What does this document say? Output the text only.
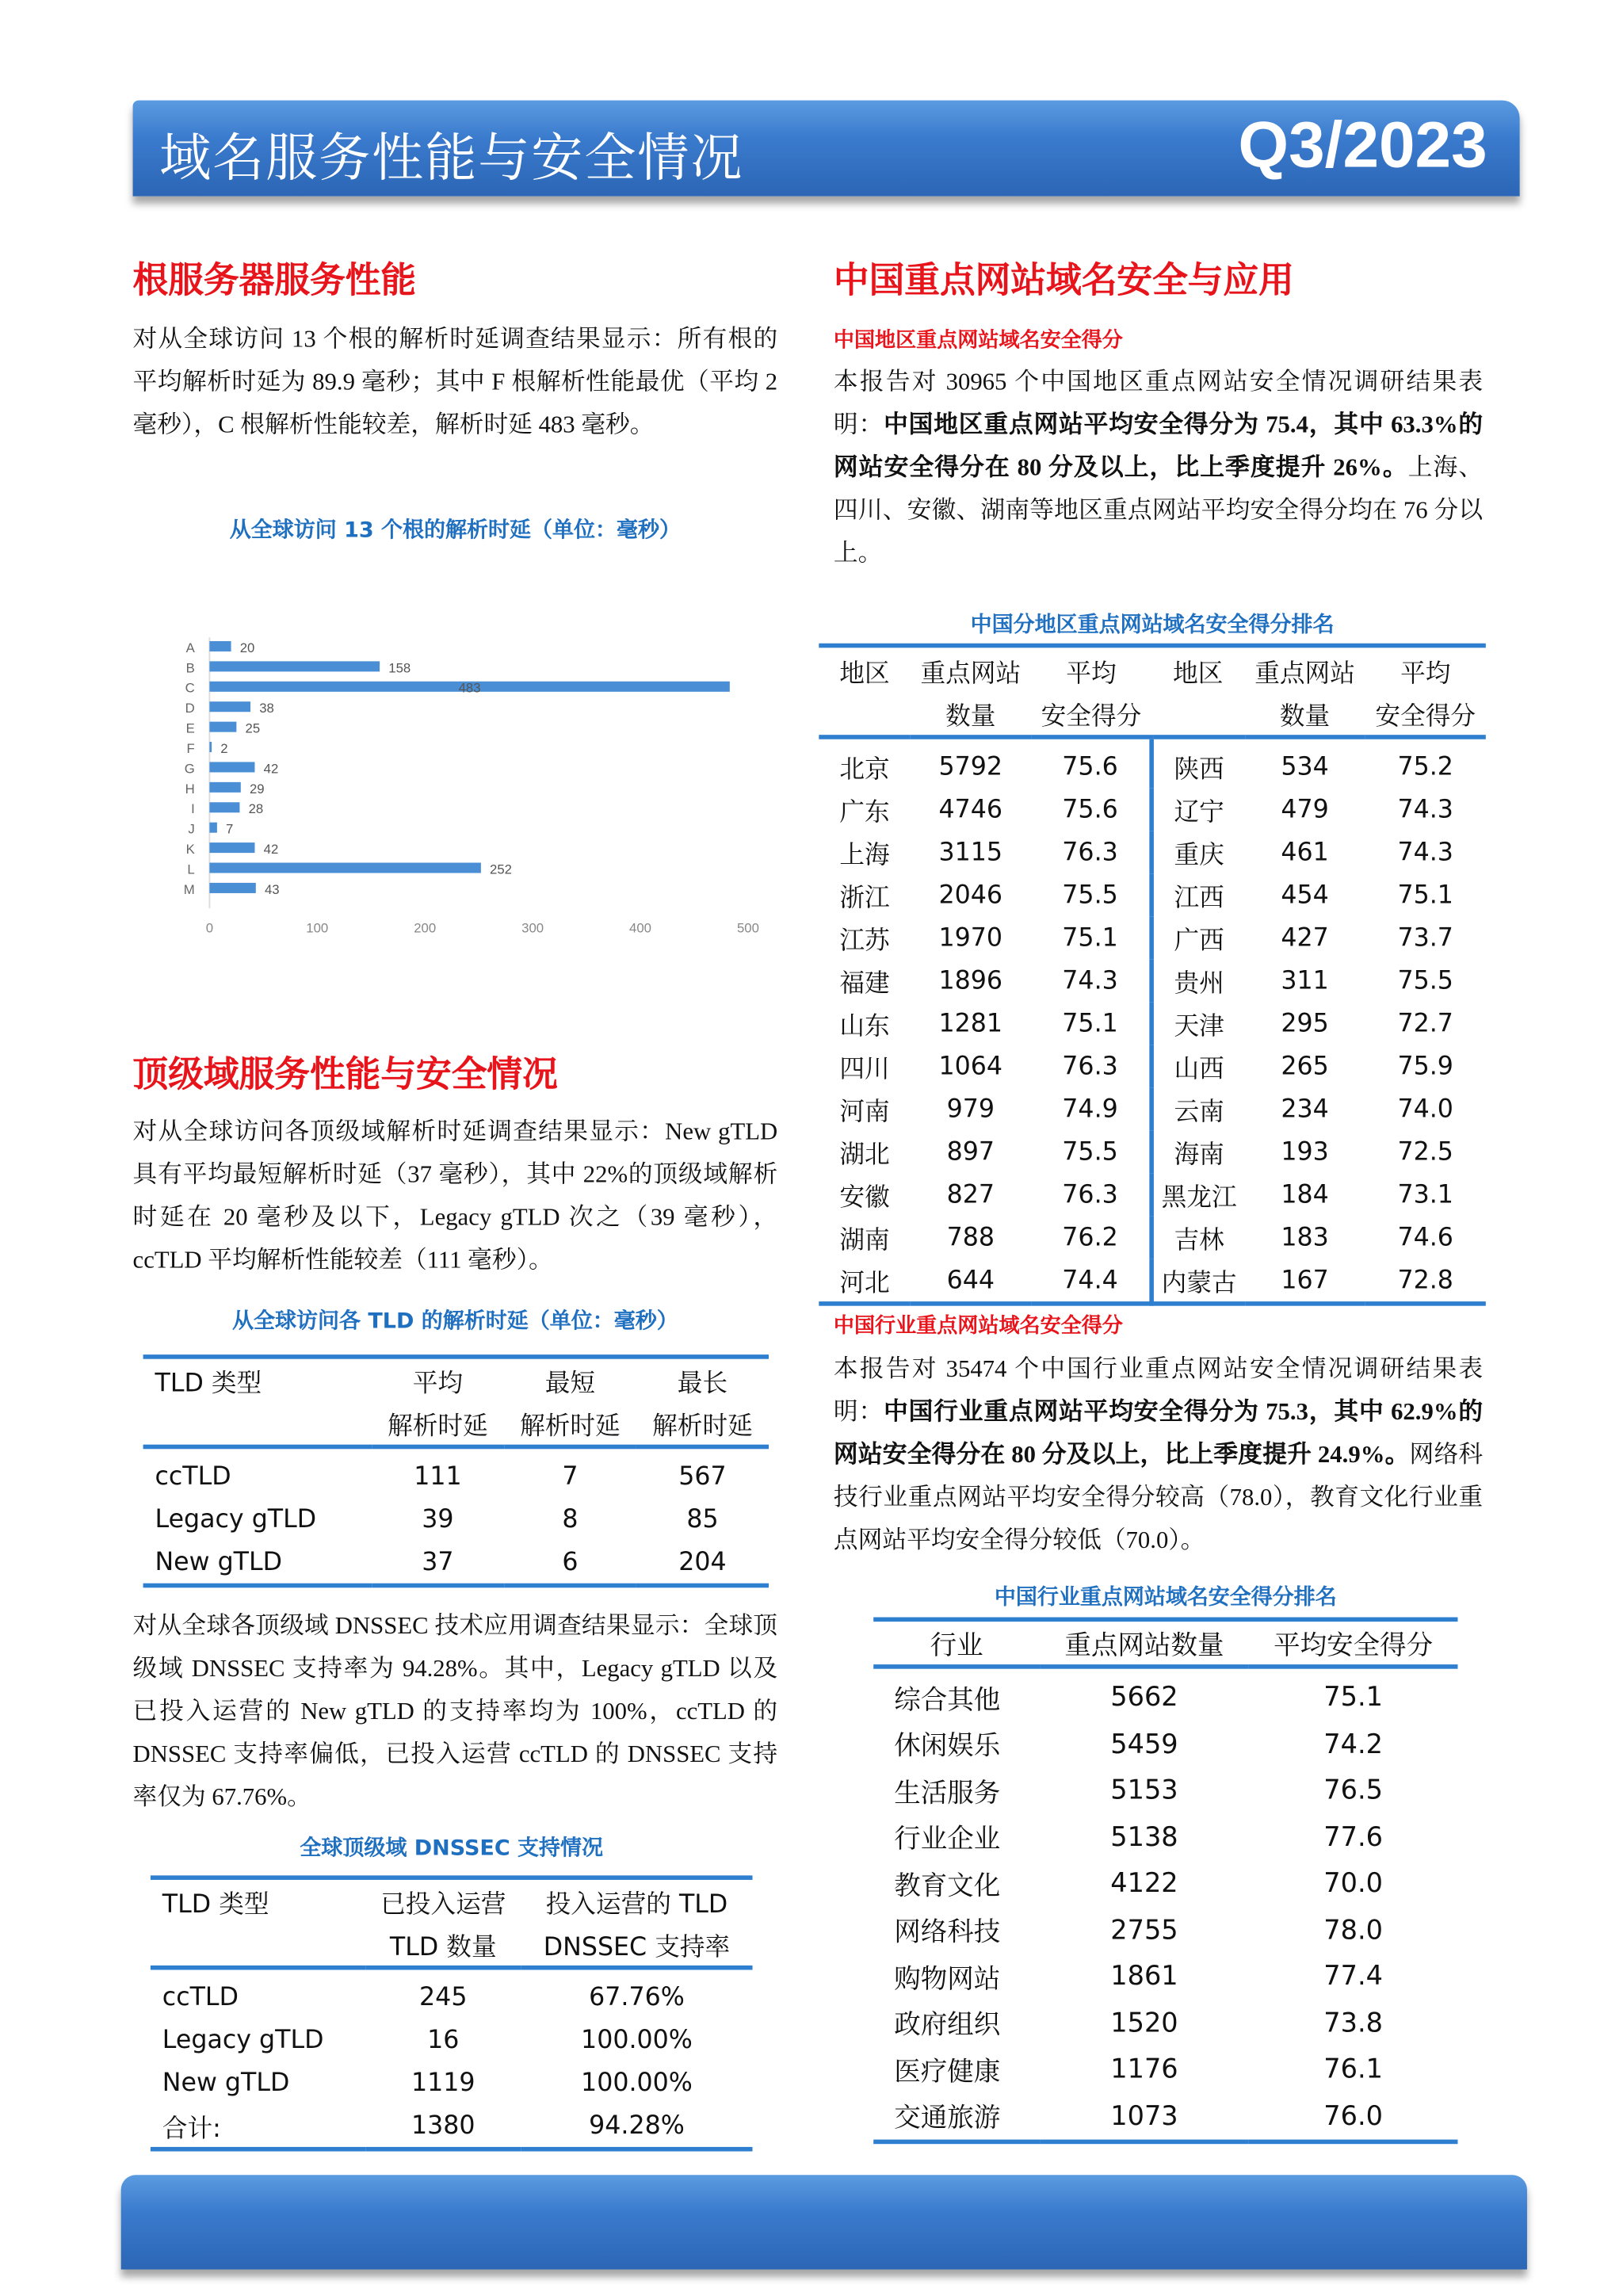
域名服务性能与安全情况	Q3/2023
根服务器服务性能
对从全球访问 13 个根的解析时延调查结果显示：所有根的平均解析时延为 89.9 毫秒；其中 F 根解析性能最优（平均 2 毫秒），C 根解析性能较差，解析时延 483 毫秒。
从全球访问 13 个根的解析时延（单位：毫秒）
A	20
B	158
C	483
D	38
E	25
F	2
G	42
H	29
I	28
J	7
K	42
L	252
M	43
0	100	200	300	400	500
顶级域服务性能与安全情况
对从全球访问各顶级域解析时延调查结果显示：New gTLD 具有平均最短解析时延（37 毫秒），其中 22%的顶级域解析时延在 20 毫秒及以下，Legacy gTLD 次之（39 毫秒），ccTLD 平均解析性能较差（111 毫秒）。
从全球访问各 TLD 的解析时延（单位：毫秒）
TLD 类型	平均	最短	最长
	解析时延	解析时延	解析时延
ccTLD	111	7	567
Legacy gTLD	39	8	85
New gTLD	37	6	204
对从全球各顶级域 DNSSEC 技术应用调查结果显示：全球顶级域 DNSSEC 支持率为 94.28%。其中，Legacy gTLD 以及已投入运营的 New gTLD 的支持率均为 100%，ccTLD 的 DNSSEC 支持率偏低，已投入运营 ccTLD 的 DNSSEC 支持率仅为 67.76%。
全球顶级域 DNSSEC 支持情况
TLD 类型	已投入运营	投入运营的 TLD
	TLD 数量	DNSSEC 支持率
ccTLD	245	67.76%
Legacy gTLD	16	100.00%
New gTLD	1119	100.00%
合计:	1380	94.28%
中国重点网站域名安全与应用
中国地区重点网站域名安全得分
本报告对 30965 个中国地区重点网站安全情况调研结果表明：中国地区重点网站平均安全得分为 75.4，其中 63.3%的网站安全得分在 80 分及以上，比上季度提升 26%。上海、四川、安徽、湖南等地区重点网站平均安全得分均在 76 分以上。
中国分地区重点网站域名安全得分排名
地区	重点网站	平均	地区	重点网站	平均
	数量	安全得分		数量	安全得分
北京	5792	75.6	陕西	534	75.2
广东	4746	75.6	辽宁	479	74.3
上海	3115	76.3	重庆	461	74.3
浙江	2046	75.5	江西	454	75.1
江苏	1970	75.1	广西	427	73.7
福建	1896	74.3	贵州	311	75.5
山东	1281	75.1	天津	295	72.7
四川	1064	76.3	山西	265	75.9
河南	979	74.9	云南	234	74.0
湖北	897	75.5	海南	193	72.5
安徽	827	76.3	黑龙江	184	73.1
湖南	788	76.2	吉林	183	74.6
河北	644	74.4	内蒙古	167	72.8
中国行业重点网站域名安全得分
本报告对 35474 个中国行业重点网站安全情况调研结果表明：中国行业重点网站平均安全得分为 75.3，其中 62.9%的网站安全得分在 80 分及以上，比上季度提升 24.9%。网络科技行业重点网站平均安全得分较高（78.0），教育文化行业重点网站平均安全得分较低（70.0）。
中国行业重点网站域名安全得分排名
行业	重点网站数量	平均安全得分
综合其他	5662	75.1
休闲娱乐	5459	74.2
生活服务	5153	76.5
行业企业	5138	77.6
教育文化	4122	70.0
网络科技	2755	78.0
购物网站	1861	77.4
政府组织	1520	73.8
医疗健康	1176	76.1
交通旅游	1073	76.0
